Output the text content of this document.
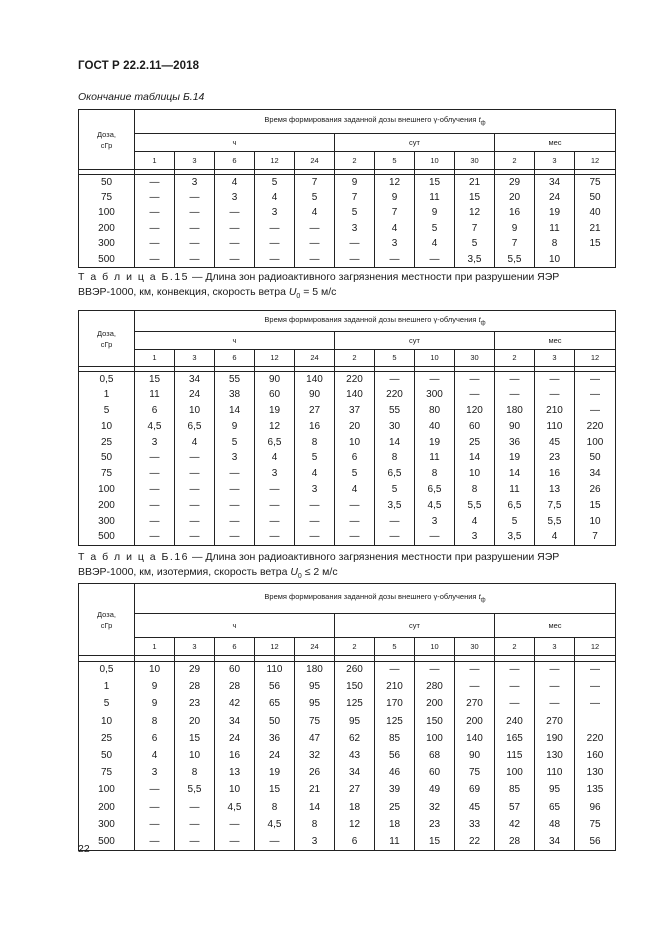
ГОСТ Р 22.2.11—2018
Окончание таблицы Б.14
Доза,
сГр	Время формирования заданной дозы внешнего γ-облучения $t_ф$
	ч					сут				мес		
	1	3	6	12	24	2	5	10	30	2	3	12

50	—	3	4	5	7	9	12	15	21	29	34	75
75	—	—	3	4	5	7	9	11	15	20	24	50
100	—	—	—	3	4	5	7	9	12	16	19	40
200	—	—	—	—	—	3	4	5	7	9	11	21
300	—	—	—	—	—	—	3	4	5	7	8	15
500	—	—	—	—	—	—	—	—	3,5	5,5	10	
Т а б л и ц а Б.15 — Длина зон радиоактивного загрязнения местности при разрушении ЯЭР ВВЭР-1000, км, конвекция, скорость ветра $U_0 = 5$ м/с
Доза,
сГр	Время формирования заданной дозы внешнего γ-облучения $t_ф$
	ч					сут				мес		
	1	3	6	12	24	2	5	10	30	2	3	12

0,5	15	34	55	90	140	220	—	—	—	—	—	—
1	11	24	38	60	90	140	220	300	—	—	—	—
5	6	10	14	19	27	37	55	80	120	180	210	—
10	4,5	6,5	9	12	16	20	30	40	60	90	110	220
25	3	4	5	6,5	8	10	14	19	25	36	45	100
50	—	—	3	4	5	6	8	11	14	19	23	50
75	—	—	—	3	4	5	6,5	8	10	14	16	34
100	—	—	—	—	3	4	5	6,5	8	11	13	26
200	—	—	—	—	—	—	3,5	4,5	5,5	6,5	7,5	15
300	—	—	—	—	—	—	—	3	4	5	5,5	10
500	—	—	—	—	—	—	—	—	3	3,5	4	7
Т а б л и ц а Б.16 — Длина зон радиоактивного загрязнения местности при разрушении ЯЭР ВВЭР-1000, км, изотермия, скорость ветра $U_0 \le 2$ м/с
Доза,
сГр	Время формирования заданной дозы внешнего γ-облучения $t_ф$
	ч					сут				мес		
	1	3	6	12	24	2	5	10	30	2	3	12

0,5	10	29	60	110	180	260	—	—	—	—	—	—
1	9	28	28	56	95	150	210	280	—	—	—	—
5	9	23	42	65	95	125	170	200	270	—	—	—
10	8	20	34	50	75	95	125	150	200	240	270	
25	6	15	24	36	47	62	85	100	140	165	190	220
50	4	10	16	24	32	43	56	68	90	115	130	160
75	3	8	13	19	26	34	46	60	75	100	110	130
100	—	5,5	10	15	21	27	39	49	69	85	95	135
200	—	—	4,5	8	14	18	25	32	45	57	65	96
300	—	—	—	4,5	8	12	18	23	33	42	48	75
500	—	—	—	—	3	6	11	15	22	28	34	56
22
